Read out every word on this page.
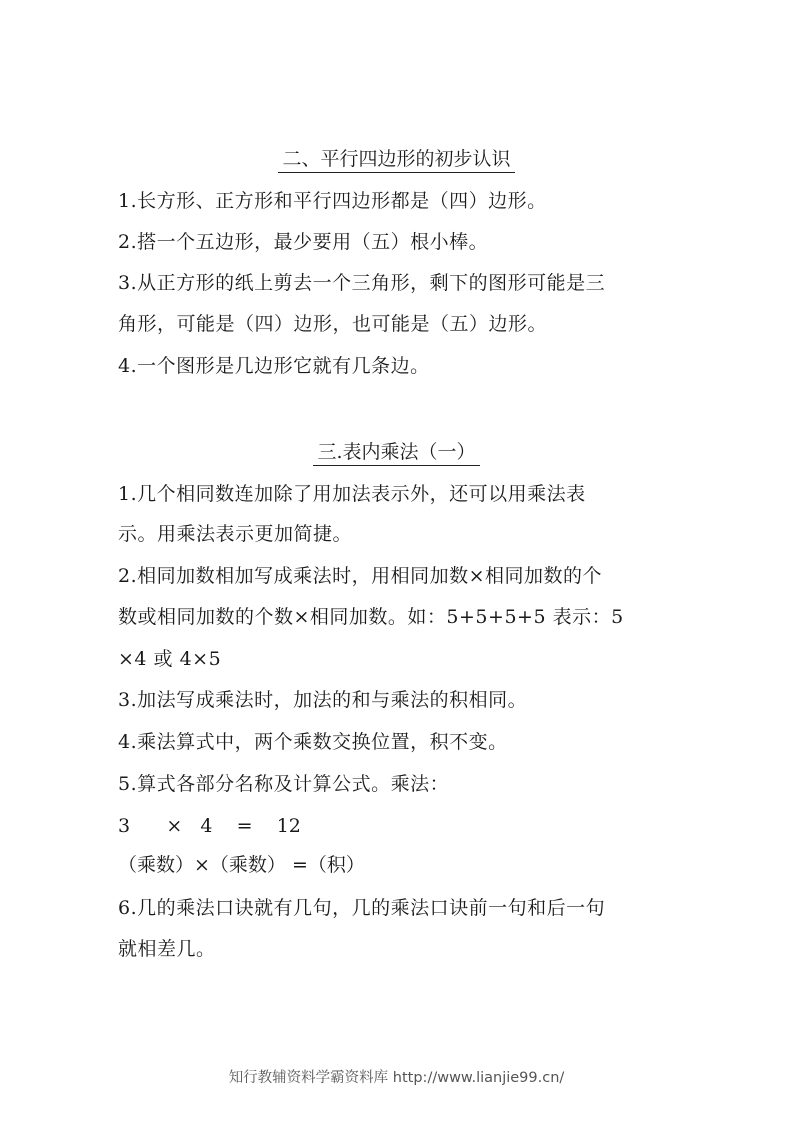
二、平行四边形的初步认识
1.长方形、正方形和平行四边形都是（四）边形。
2.搭一个五边形，最少要用（五）根小棒。
3.从正方形的纸上剪去一个三角形，剩下的图形可能是三
角形，可能是（四）边形，也可能是（五）边形。
4.一个图形是几边形它就有几条边。
三.表内乘法（一）
1.几个相同数连加除了用加法表示外，还可以用乘法表
示。用乘法表示更加简捷。
2.相同加数相加写成乘法时，用相同加数×相同加数的个
数或相同加数的个数×相同加数。如：5+5+5+5 表示：5
×4 或 4×5
3.加法写成乘法时，加法的和与乘法的积相同。
4.乘法算式中，两个乘数交换位置，积不变。
5.算式各部分名称及计算公式。乘法：
3      ×   4    =    12
（乘数）×（乘数） =（积）
6.几的乘法口诀就有几句，几的乘法口诀前一句和后一句
就相差几。
知行教辅资料学霸资料库 http://www.lianjie99.cn/
